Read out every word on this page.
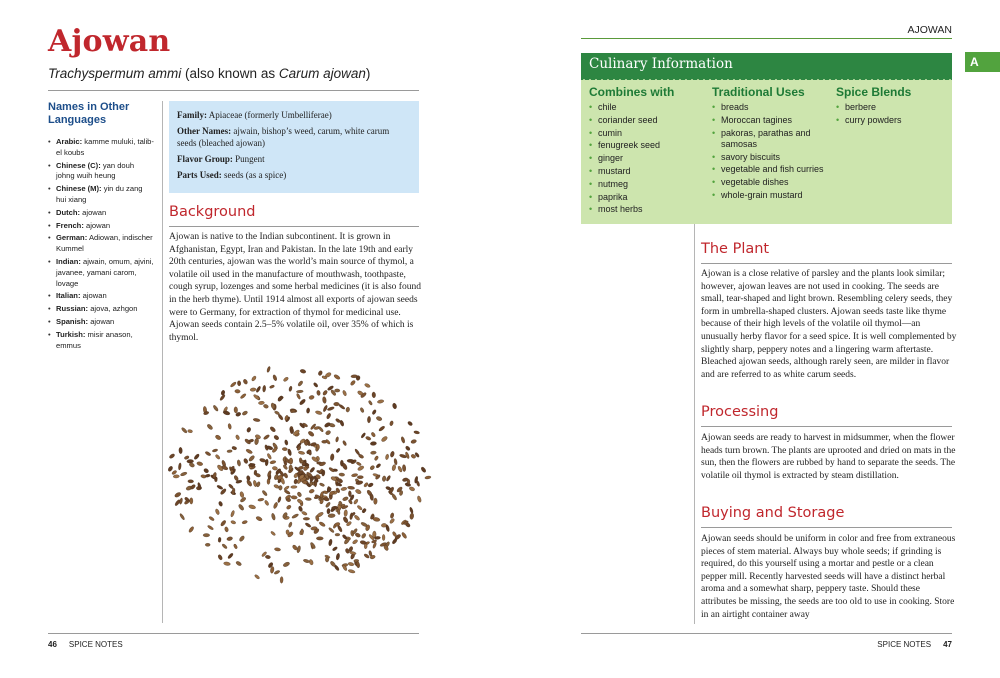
Ajowan
Trachyspermum ammi (also known as Carum ajowan)
Names in Other Languages
• Arabic: kamme muluki, talib-el koubs
• Chinese (C): yan douh johng wuih heung
• Chinese (M): yin du zang hui xiang
• Dutch: ajowan
• French: ajowan
• German: Adiowan, indischer Kummel
• Indian: ajwain, omum, ajvini, javanee, yamani carom, lovage
• Italian: ajowan
• Russian: ajova, azhgon
• Spanish: ajowan
• Turkish: misir anason, emmus
Family: Apiaceae (formerly Umbelliferae)
Other Names: ajwain, bishop’s weed, carum, white carum seeds (bleached ajowan)
Flavor Group: Pungent
Parts Used: seeds (as a spice)
Background

Ajowan is native to the Indian subcontinent. It is grown in Afghanistan, Egypt, Iran and Pakistan. In the late 19th and early 20th centuries, ajowan was the world’s main source of thymol, a volatile oil used in the manufacture of mouthwash, toothpaste, cough syrup, lozenges and some herbal medicines (it is also found in the herb thyme). Until 1914 almost all exports of ajowan seeds were to Germany, for extraction of thymol for medicinal use. Ajowan seeds contain 2.5–5% volatile oil, over 35% of which is thymol.

46 SPICE NOTES
AJOWAN
A
Culinary Information
Combines with
• chile
• coriander seed
• cumin
• fenugreek seed
• ginger
• mustard
• nutmeg
• paprika
• most herbs
Traditional Uses
• breads
• Moroccan tagines
• pakoras, parathas and samosas
• savory biscuits
• vegetable and fish curries
• vegetable dishes
• whole-grain mustard
Spice Blends
• berbere
• curry powders
The Plant

Ajowan is a close relative of parsley and the plants look similar; however, ajowan leaves are not used in cooking. The seeds are small, tear-shaped and light brown. Resembling celery seeds, they form in umbrella-shaped clusters. Ajowan seeds taste like thyme because of their high levels of the volatile oil thymol—an unusually herby flavor for a seed spice. It is well complemented by slightly sharp, peppery notes and a lingering warm aftertaste. Bleached ajowan seeds, although rarely seen, are milder in flavor and are referred to as white carum seeds.

Processing

Ajowan seeds are ready to harvest in midsummer, when the flower heads turn brown. The plants are uprooted and dried on mats in the sun, then the flowers are rubbed by hand to separate the seeds. The volatile oil thymol is extracted by steam distillation.

Buying and Storage

Ajowan seeds should be uniform in color and free from extraneous pieces of stem material. Always buy whole seeds; if grinding is required, do this yourself using a mortar and pestle or a clean pepper mill. Recently harvested seeds will have a distinct herbal aroma and a somewhat sharp, peppery taste. Should these attributes be missing, the seeds are too old to use in cooking. Store in an airtight container away

SPICE NOTES 47
